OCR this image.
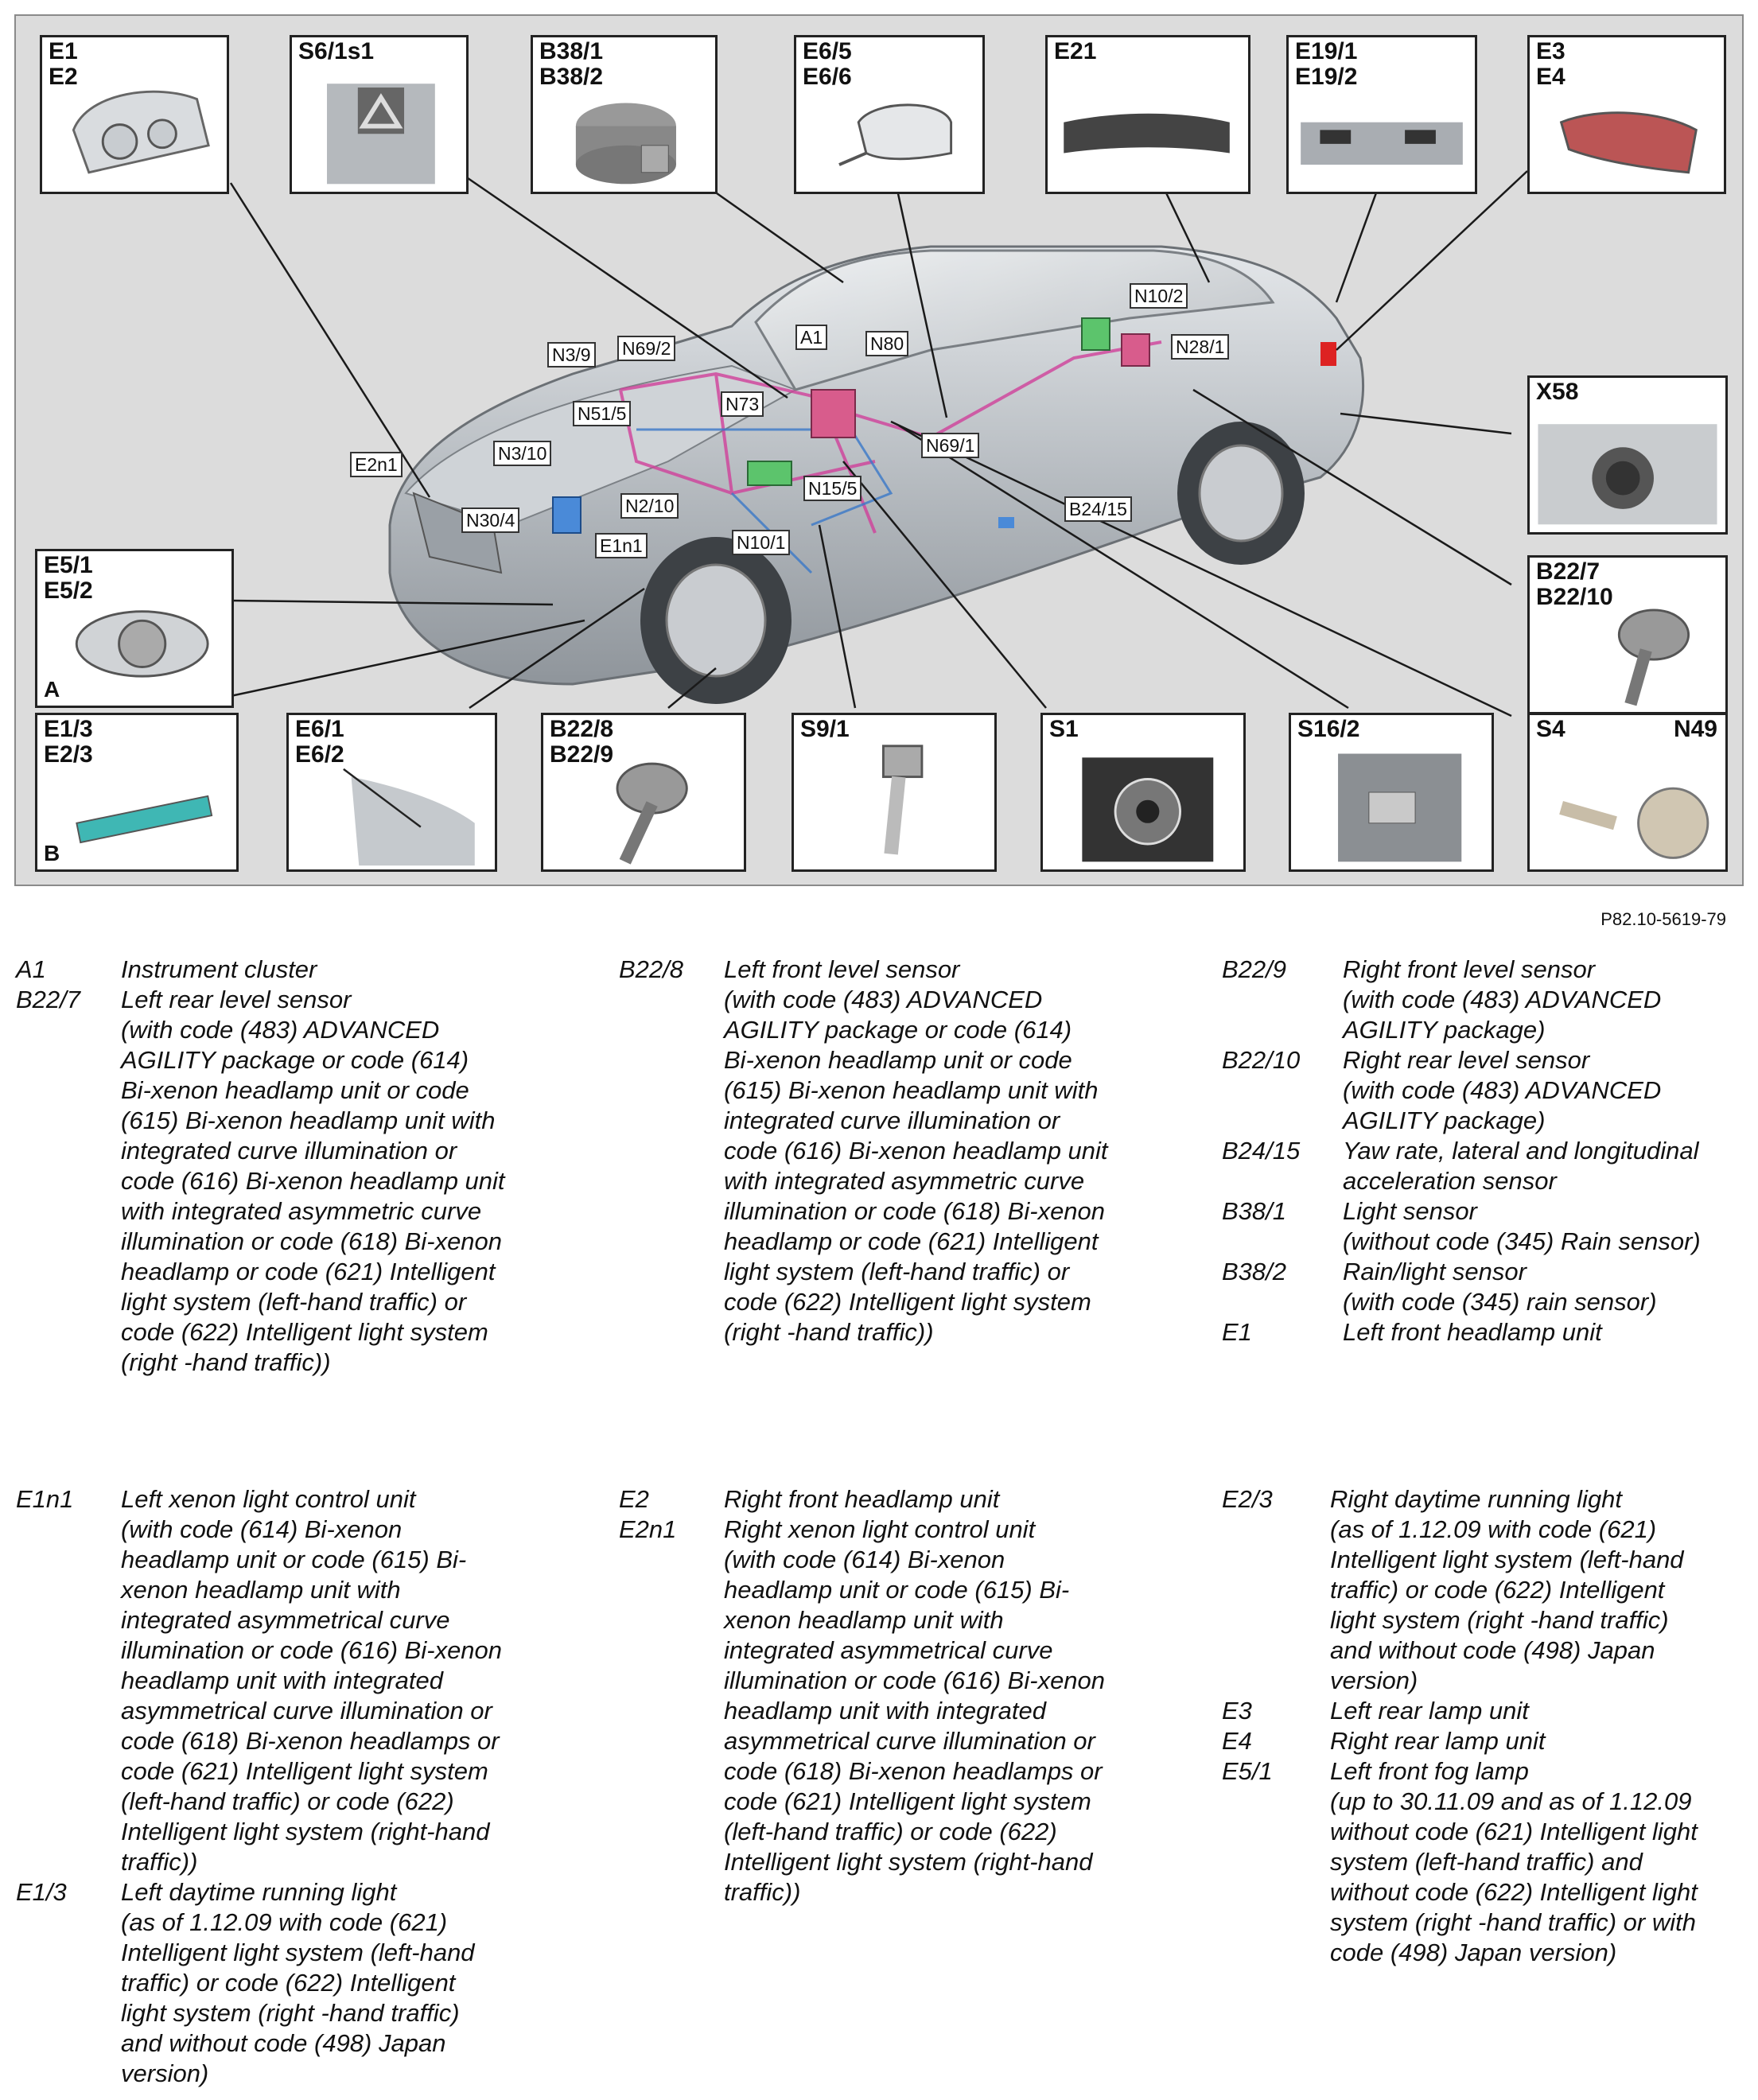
E1
E2
S6/1s1	B38/1
B38/2
E6/5
E6/6
E21	E19/1
E19/2
E3
E4
X58
B22/7
B22/10
E5/1
E5/2
A
E1/3
E2/3
B
E6/1
E6/2
B22/8
B22/9
S9/1	S1	S16/2	S4	N49
N3/9 N69/2
A1	N80
N10/2
N28/1
N73
N51/5
N3/10
E2n1
N69/1
N30/4
N2/10
N15/5
E1n1
B24/15
N10/1
P82.10-5619-79
A1	Instrument cluster
B22/7	Left rear level sensor
(with code (483) ADVANCED
AGILITY package or code (614)
Bi-xenon headlamp unit or code
(615) Bi-xenon headlamp unit with
integrated curve illumination or
code (616) Bi-xenon headlamp unit
with integrated asymmetric curve
illumination or code (618) Bi-xenon
headlamp or code (621) Intelligent
light system (left-hand traffic) or
code (622) Intelligent light system
(right -hand traffic))
B22/8	Left front level sensor
(with code (483) ADVANCED
AGILITY package or code (614)
Bi-xenon headlamp unit or code
(615) Bi-xenon headlamp unit with
integrated curve illumination or
code (616) Bi-xenon headlamp unit
with integrated asymmetric curve
illumination or code (618) Bi-xenon
headlamp or code (621) Intelligent
light system (left-hand traffic) or
code (622) Intelligent light system
(right -hand traffic))
B22/9	Right front level sensor
(with code (483) ADVANCED
AGILITY package)
B22/10	Right rear level sensor
(with code (483) ADVANCED
AGILITY package)
B24/15	Yaw rate, lateral and longitudinal
acceleration sensor
B38/1	Light sensor
(without code (345) Rain sensor)
B38/2	Rain/light sensor
(with code (345) rain sensor)
E1	Left front headlamp unit
E1n1	Left xenon light control unit
(with code (614) Bi-xenon
headlamp unit or code (615) Bi-
xenon headlamp unit with
integrated asymmetrical curve
illumination or code (616) Bi-xenon
headlamp unit with integrated
asymmetrical curve illumination or
code (618) Bi-xenon headlamps or
code (621) Intelligent light system
(left-hand traffic) or code (622)
Intelligent light system (right-hand
traffic))
E1/3	Left daytime running light
(as of 1.12.09 with code (621)
Intelligent light system (left-hand
traffic) or code (622) Intelligent
light system (right -hand traffic)
and without code (498) Japan
version)
E2	Right front headlamp unit
E2n1	Right xenon light control unit
(with code (614) Bi-xenon
headlamp unit or code (615) Bi-
xenon headlamp unit with
integrated asymmetrical curve
illumination or code (616) Bi-xenon
headlamp unit with integrated
asymmetrical curve illumination or
code (618) Bi-xenon headlamps or
code (621) Intelligent light system
(left-hand traffic) or code (622)
Intelligent light system (right-hand
traffic))
E2/3	Right daytime running light
(as of 1.12.09 with code (621)
Intelligent light system (left-hand
traffic) or code (622) Intelligent
light system (right -hand traffic)
and without code (498) Japan
version)
E3	Left rear lamp unit
E4	Right rear lamp unit
E5/1	Left front fog lamp
(up to 30.11.09 and as of 1.12.09
without code (621) Intelligent light
system (left-hand traffic) and
without code (622) Intelligent light
system (right -hand traffic) or with
code (498) Japan version)
